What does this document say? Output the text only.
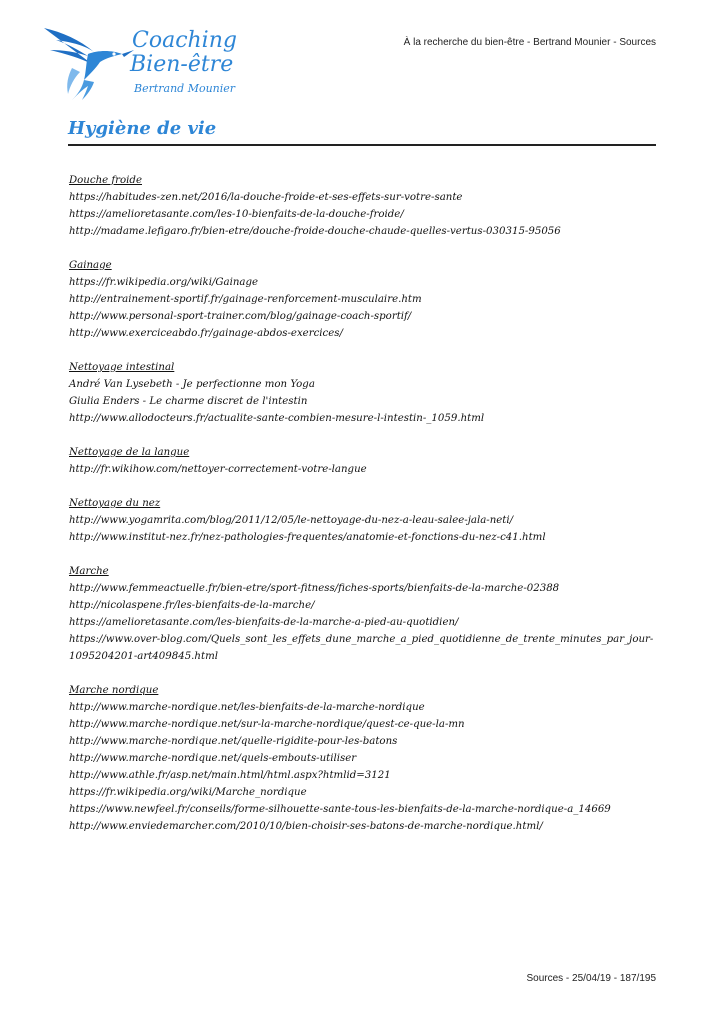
Coaching
Bien-être
Bertrand Mounier
À la recherche du bien-être - Bertrand Mounier - Sources
Hygiène de vie
Douche froide
https://habitudes-zen.net/2016/la-douche-froide-et-ses-effets-sur-votre-sante
https://amelioretasante.com/les-10-bienfaits-de-la-douche-froide/
http://madame.lefigaro.fr/bien-etre/douche-froide-douche-chaude-quelles-vertus-030315-95056
Gainage
https://fr.wikipedia.org/wiki/Gainage
http://entrainement-sportif.fr/gainage-renforcement-musculaire.htm
http://www.personal-sport-trainer.com/blog/gainage-coach-sportif/
http://www.exerciceabdo.fr/gainage-abdos-exercices/
Nettoyage intestinal
André Van Lysebeth - Je perfectionne mon Yoga
Giulia Enders - Le charme discret de l'intestin
http://www.allodocteurs.fr/actualite-sante-combien-mesure-l-intestin-_1059.html
Nettoyage de la langue
http://fr.wikihow.com/nettoyer-correctement-votre-langue
Nettoyage du nez
http://www.yogamrita.com/blog/2011/12/05/le-nettoyage-du-nez-a-leau-salee-jala-neti/
http://www.institut-nez.fr/nez-pathologies-frequentes/anatomie-et-fonctions-du-nez-c41.html
Marche
http://www.femmeactuelle.fr/bien-etre/sport-fitness/fiches-sports/bienfaits-de-la-marche-02388
http://nicolaspene.fr/les-bienfaits-de-la-marche/
https://amelioretasante.com/les-bienfaits-de-la-marche-a-pied-au-quotidien/
https://www.over-blog.com/Quels_sont_les_effets_dune_marche_a_pied_quotidienne_de_trente_minutes_par_jour-1095204201-art409845.html
Marche nordique
http://www.marche-nordique.net/les-bienfaits-de-la-marche-nordique
http://www.marche-nordique.net/sur-la-marche-nordique/quest-ce-que-la-mn
http://www.marche-nordique.net/quelle-rigidite-pour-les-batons
http://www.marche-nordique.net/quels-embouts-utiliser
http://www.athle.fr/asp.net/main.html/html.aspx?htmlid=3121
https://fr.wikipedia.org/wiki/Marche_nordique
https://www.newfeel.fr/conseils/forme-silhouette-sante-tous-les-bienfaits-de-la-marche-nordique-a_14669
http://www.enviedemarcher.com/2010/10/bien-choisir-ses-batons-de-marche-nordique.html/
Sources - 25/04/19 - 187/195
